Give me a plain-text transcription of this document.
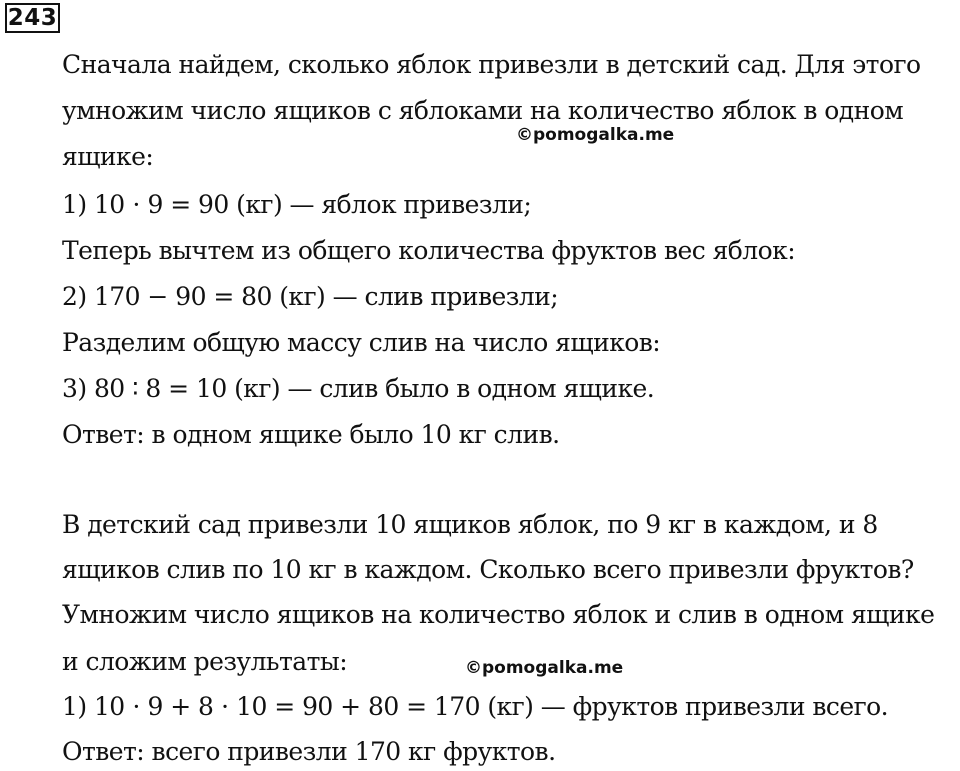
243
Сначала найдем, сколько яблок привезли в детский сад. Для этого
умножим число ящиков с яблоками на количество яблок в одном
©pomogalka.me
ящике:
1) 10 ⋅ 9 = 90 (кг) — яблок привезли;
Теперь вычтем из общего количества фруктов вес яблок:
2) 170 − 90 = 80 (кг) — слив привезли;
Разделим общую массу слив на число ящиков:
3) 80 ∶ 8 = 10 (кг) — слив было в одном ящике.
Ответ: в одном ящике было 10 кг слив.
В детский сад привезли 10 ящиков яблок, по 9 кг в каждом, и 8
ящиков слив по 10 кг в каждом. Сколько всего привезли фруктов?
Умножим число ящиков на количество яблок и слив в одном ящике
и сложим результаты:	©pomogalka.me
1) 10 ⋅ 9 + 8 ⋅ 10 = 90 + 80 = 170 (кг) — фруктов привезли всего.
Ответ: всего привезли 170 кг фруктов.
